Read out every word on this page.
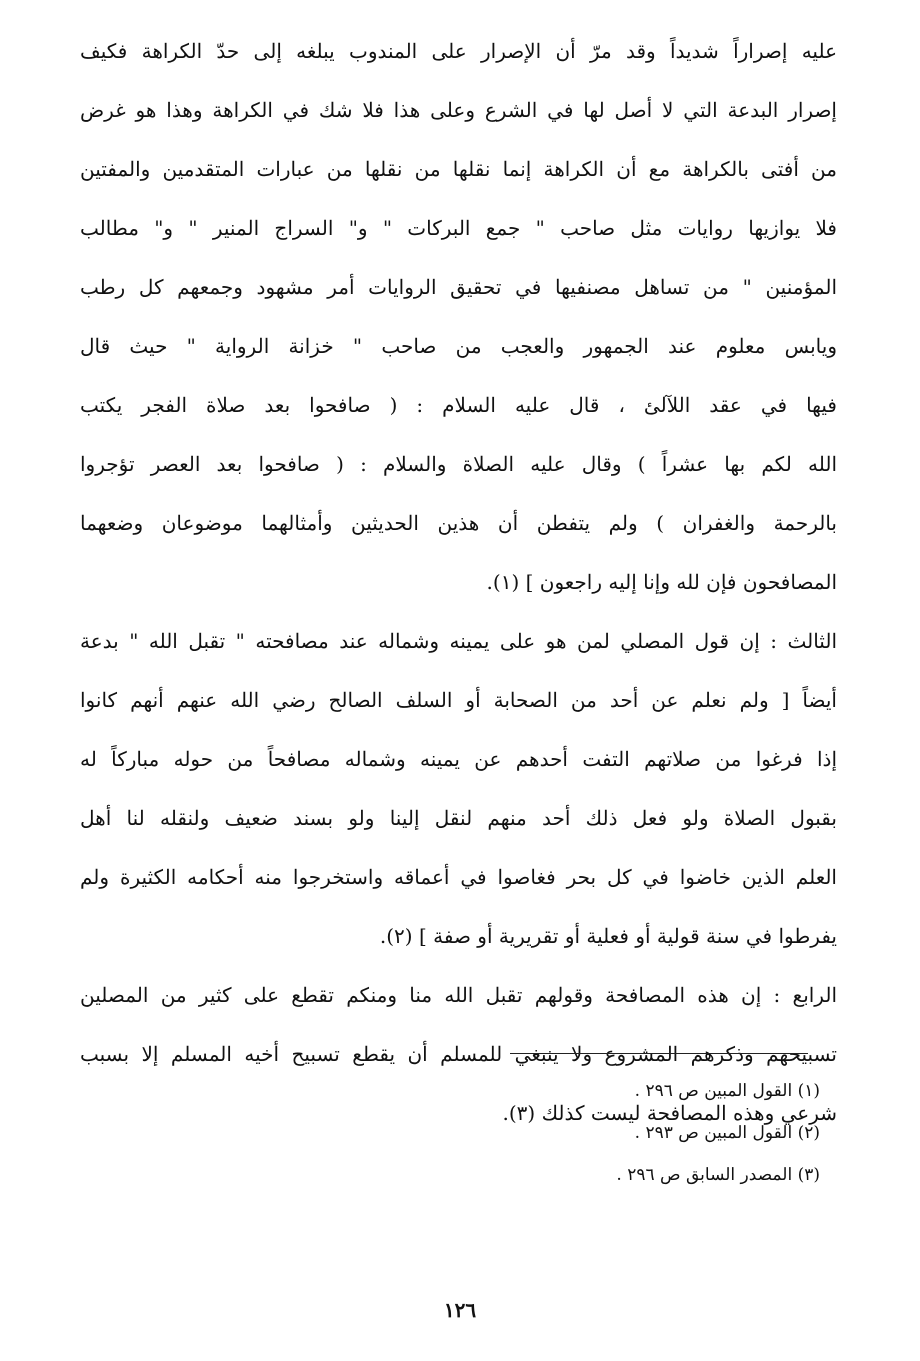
عليه إصراراً شديداً وقد مرّ أن الإصرار على المندوب يبلغه إلى حدّ الكراهة فكيف
إصرار البدعة التي لا أصل لها في الشرع وعلى هذا فلا شك في الكراهة وهذا هو غرض
من أفتى بالكراهة مع أن الكراهة إنما نقلها من نقلها من عبارات المتقدمين والمفتين
فلا يوازيها روايات مثل صاحب " جمع البركات " و" السراج المنير " و" مطالب
المؤمنين " من تساهل مصنفيها في تحقيق الروايات أمر مشهود وجمعهم كل رطب
ويابس معلوم عند الجمهور والعجب من صاحب " خزانة الرواية " حيث قال
فيها في عقد اللآلئ ، قال عليه السلام : ( صافحوا بعد صلاة الفجر يكتب
الله لكم بها عشراً ) وقال عليه الصلاة والسلام : ( صافحوا بعد العصر تؤجروا
بالرحمة والغفران ) ولم يتفطن أن هذين الحديثين وأمثالهما موضوعان وضعهما
المصافحون فإن لله وإنا إليه راجعون ] (١).
الثالث : إن قول المصلي لمن هو على يمينه وشماله عند مصافحته " تقبل الله " بدعة
أيضاً [ ولم نعلم عن أحد من الصحابة أو السلف الصالح رضي الله عنهم أنهم كانوا
إذا فرغوا من صلاتهم التفت أحدهم عن يمينه وشماله مصافحاً من حوله مباركاً له
بقبول الصلاة ولو فعل ذلك أحد منهم لنقل إلينا ولو بسند ضعيف ولنقله لنا أهل
العلم الذين خاضوا في كل بحر فغاصوا في أعماقه واستخرجوا منه أحكامه الكثيرة ولم
يفرطوا في سنة قولية أو فعلية أو تقريرية أو صفة ] (٢).
الرابع : إن هذه المصافحة وقولهم تقبل الله منا ومنكم تقطع على كثير من المصلين
تسبيحهم وذكرهم المشروع ولا ينبغي للمسلم أن يقطع تسبيح أخيه المسلم إلا بسبب
شرعي وهذه المصافحة ليست كذلك (٣).
(١) القول المبين ص ٢٩٦ .
(٢) القول المبين ص ٢٩٣ .
(٣) المصدر السابق ص ٢٩٦ .
١٢٦
